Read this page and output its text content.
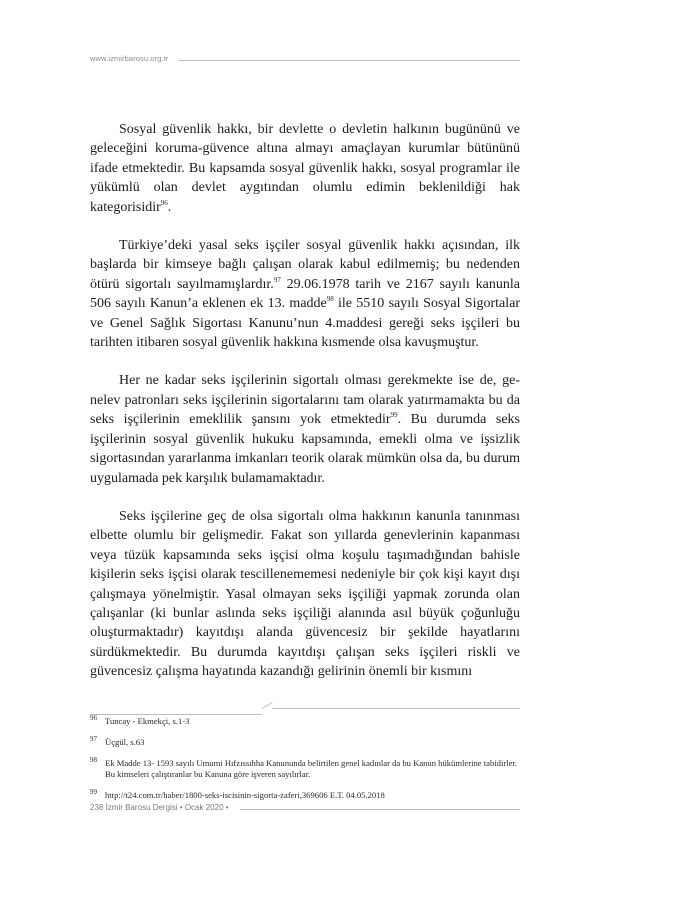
www.izmirbarosu.org.tr

Sosyal güvenlik hakkı, bir devlette o devletin halkının bugününü ve geleceğini koruma-güvence altına almayı amaçlayan kurumlar bütününü ifade etmektedir. Bu kapsamda sosyal güvenlik hakkı, sosyal programlar ile yükümlü olan devlet aygıtından olumlu edimin beklenildiği hak kategorisidir$^{96}$.

Türkiye’deki yasal seks işçiler sosyal güvenlik hakkı açısından, ilk başlarda bir kimseye bağlı çalışan olarak kabul edilmemiş; bu nedenden ötürü sigortalı sayılmamışlardır.$^{97}$ 29.06.1978 tarih ve 2167 sayılı kanunla 506 sayılı Kanun’a eklenen ek 13. madde$^{98}$ ile 5510 sayılı Sosyal Sigortalar ve Genel Sağlık Sigortası Kanunu’nun 4.maddesi gereği seks işçileri bu tarihten itibaren sosyal güvenlik hakkına kısmende olsa kavuşmuştur.

Her ne kadar seks işçilerinin sigortalı olması gerekmekte ise de, genelev patronları seks işçilerinin sigortalarını tam olarak yatırmamakta bu da seks işçilerinin emeklilik şansını yok etmektedir$^{99}$. Bu durumda seks işçilerinin sosyal güvenlik hukuku kapsamında, emekli olma ve işsizlik sigortasından yararlanma imkanları teorik olarak mümkün olsa da, bu durum uygulamada pek karşılık bulamamaktadır.

Seks işçilerine geç de olsa sigortalı olma hakkının kanunla tanınması elbette olumlu bir gelişmedir. Fakat son yıllarda genevlerinin kapanması veya tüzük kapsamında seks işçisi olma koşulu taşımadığından bahisle kişilerin seks işçisi olarak tescillenememesi nedeniyle bir çok kişi kayıt dışı çalışmaya yönelmiştir. Yasal olmayan seks işçiliği yapmak zorunda olan çalışanlar (ki bunlar aslında seks işçiliği alanında asıl büyük çoğunluğu oluşturmaktadır) kayıtdışı alanda güvencesiz bir şekilde hayatlarını sürdükmektedir. Bu durumda kayıtdışı çalışan seks işçileri riskli ve güvencesiz çalışma hayatında kazandığı gelirinin önemli bir kısmını

96 Tuncay - Ekmekçi, s.1-3

97 Üçgül, s.63

98 Ek Madde 13- 1593 sayılı Umumi Hıfzıssıhha Kanununda belirtilen genel kadınlar da bu Kanun hükümlerine tabidirler. Bu kimseleri çalıştıranlar bu Kanuna göre işveren sayılırlar.

99 http://t24.com.tr/haber/1800-seks-iscisinin-sigorta-zaferi,369606 E.T. 04.05.2018

238 İzmir Barosu Dergisi • Ocak 2020 •
